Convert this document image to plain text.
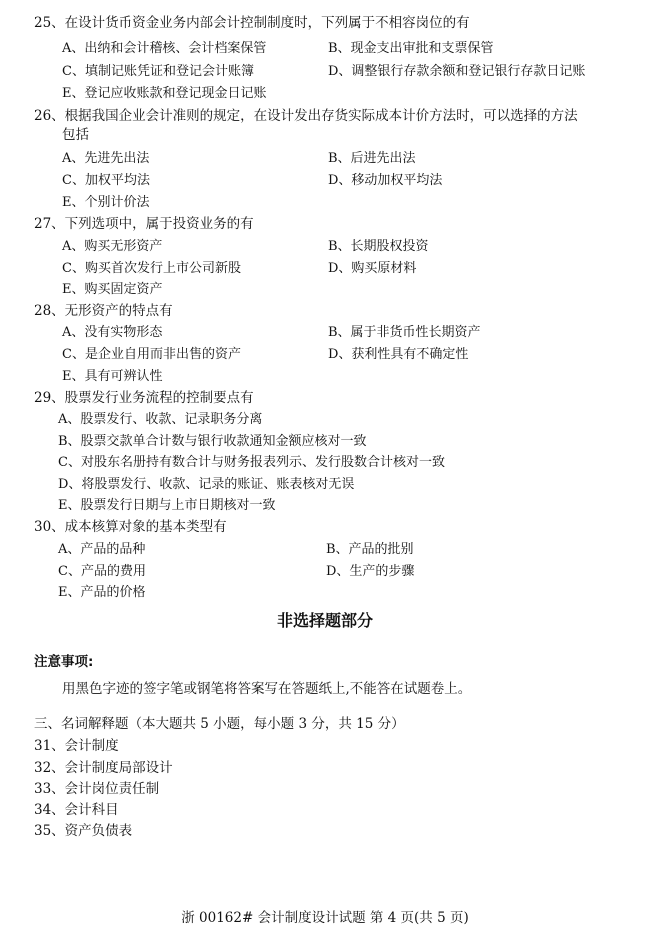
25、在设计货币资金业务内部会计控制制度时，下列属于不相容岗位的有
A、出纳和会计稽核、会计档案保管	B、现金支出审批和支票保管
C、填制记账凭证和登记会计账簿	D、调整银行存款余额和登记银行存款日记账
E、登记应收账款和登记现金日记账
26、根据我国企业会计准则的规定，在设计发出存货实际成本计价方法时，可以选择的方法
包括
A、先进先出法	B、后进先出法
C、加权平均法	D、移动加权平均法
E、个别计价法
27、下列选项中，属于投资业务的有
A、购买无形资产	B、长期股权投资
C、购买首次发行上市公司新股	D、购买原材料
E、购买固定资产
28、无形资产的特点有
A、没有实物形态	B、属于非货币性长期资产
C、是企业自用而非出售的资产	D、获利性具有不确定性
E、具有可辨认性
29、股票发行业务流程的控制要点有
A、股票发行、收款、记录职务分离
B、股票交款单合计数与银行收款通知金额应核对一致
C、对股东名册持有数合计与财务报表列示、发行股数合计核对一致
D、将股票发行、收款、记录的账证、账表核对无误
E、股票发行日期与上市日期核对一致
30、成本核算对象的基本类型有
A、产品的品种	B、产品的批别
C、产品的费用	D、生产的步骤
E、产品的价格
非选择题部分
注意事项:
用黑色字迹的签字笔或钢笔将答案写在答题纸上,不能答在试题卷上。
三、名词解释题（本大题共 5 小题，每小题 3 分，共 15 分）
31、会计制度
32、会计制度局部设计
33、会计岗位责任制
34、会计科目
35、资产负债表
浙 00162# 会计制度设计试题 第 4 页(共 5 页)
